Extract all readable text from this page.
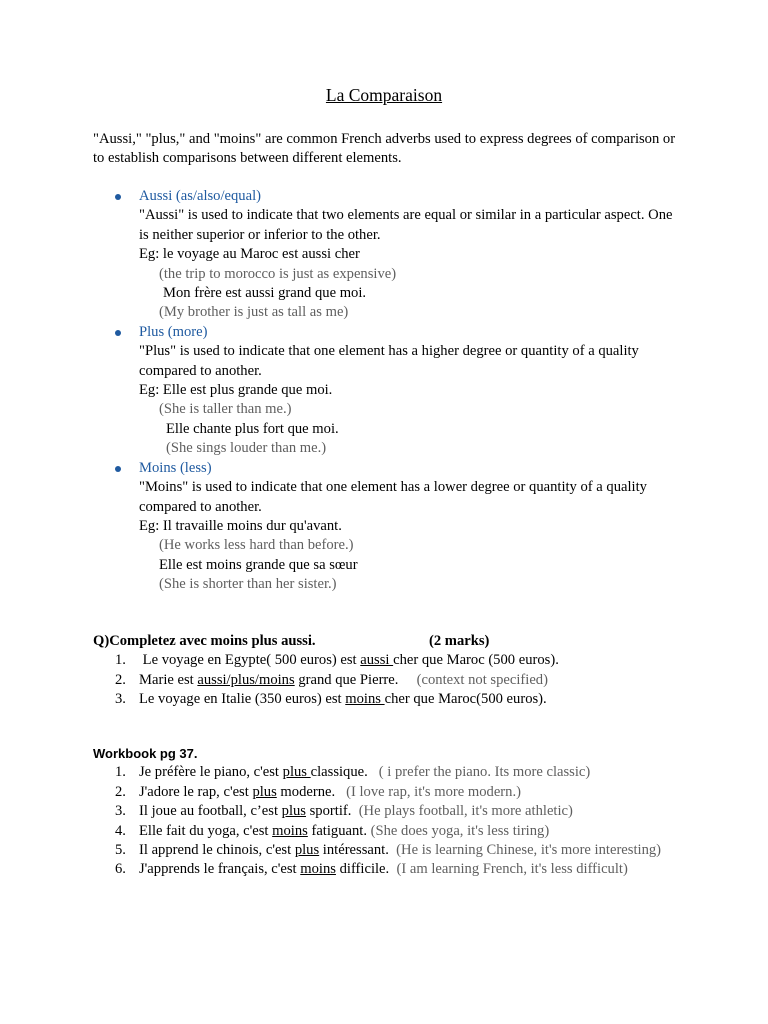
La Comparaison
"Aussi," "plus," and "moins" are common French adverbs used to express degrees of comparison or to establish comparisons between different elements.
Aussi (as/also/equal)
"Aussi" is used to indicate that two elements are equal or similar in a particular aspect. One is neither superior or inferior to the other.
Eg: le voyage au Maroc est aussi cher
(the trip to morocco is just as expensive)
Mon frère est aussi grand que moi.
(My brother is just as tall as me)
Plus (more)
"Plus" is used to indicate that one element has a higher degree or quantity of a quality compared to another.
Eg: Elle est plus grande que moi.
(She is taller than me.)
Elle chante plus fort que moi.
(She sings louder than me.)
Moins (less)
"Moins" is used to indicate that one element has a lower degree or quantity of a quality compared to another.
Eg: Il travaille moins dur qu'avant.
(He works less hard than before.)
Elle est moins grande que sa sœur
(She is shorter than her sister.)
Q)Completez avec moins plus aussi.	(2 marks)
1. Le voyage en Egypte( 500 euros) est aussi cher que Maroc (500 euros).
2. Marie est aussi/plus/moins grand que Pierre. (context not specified)
3. Le voyage en Italie (350 euros) est moins cher que Maroc(500 euros).
Workbook pg 37.
1. Je préfère le piano, c'est plus classique. ( i prefer the piano. Its more classic)
2. J'adore le rap, c'est plus moderne. (I love rap, it's more modern.)
3. Il joue au football, c’est plus sportif. (He plays football, it's more athletic)
4. Elle fait du yoga, c'est moins fatiguant. (She does yoga, it's less tiring)
5. Il apprend le chinois, c'est plus intéressant. (He is learning Chinese, it's more interesting)
6. J'apprends le français, c'est moins difficile. (I am learning French, it's less difficult)
